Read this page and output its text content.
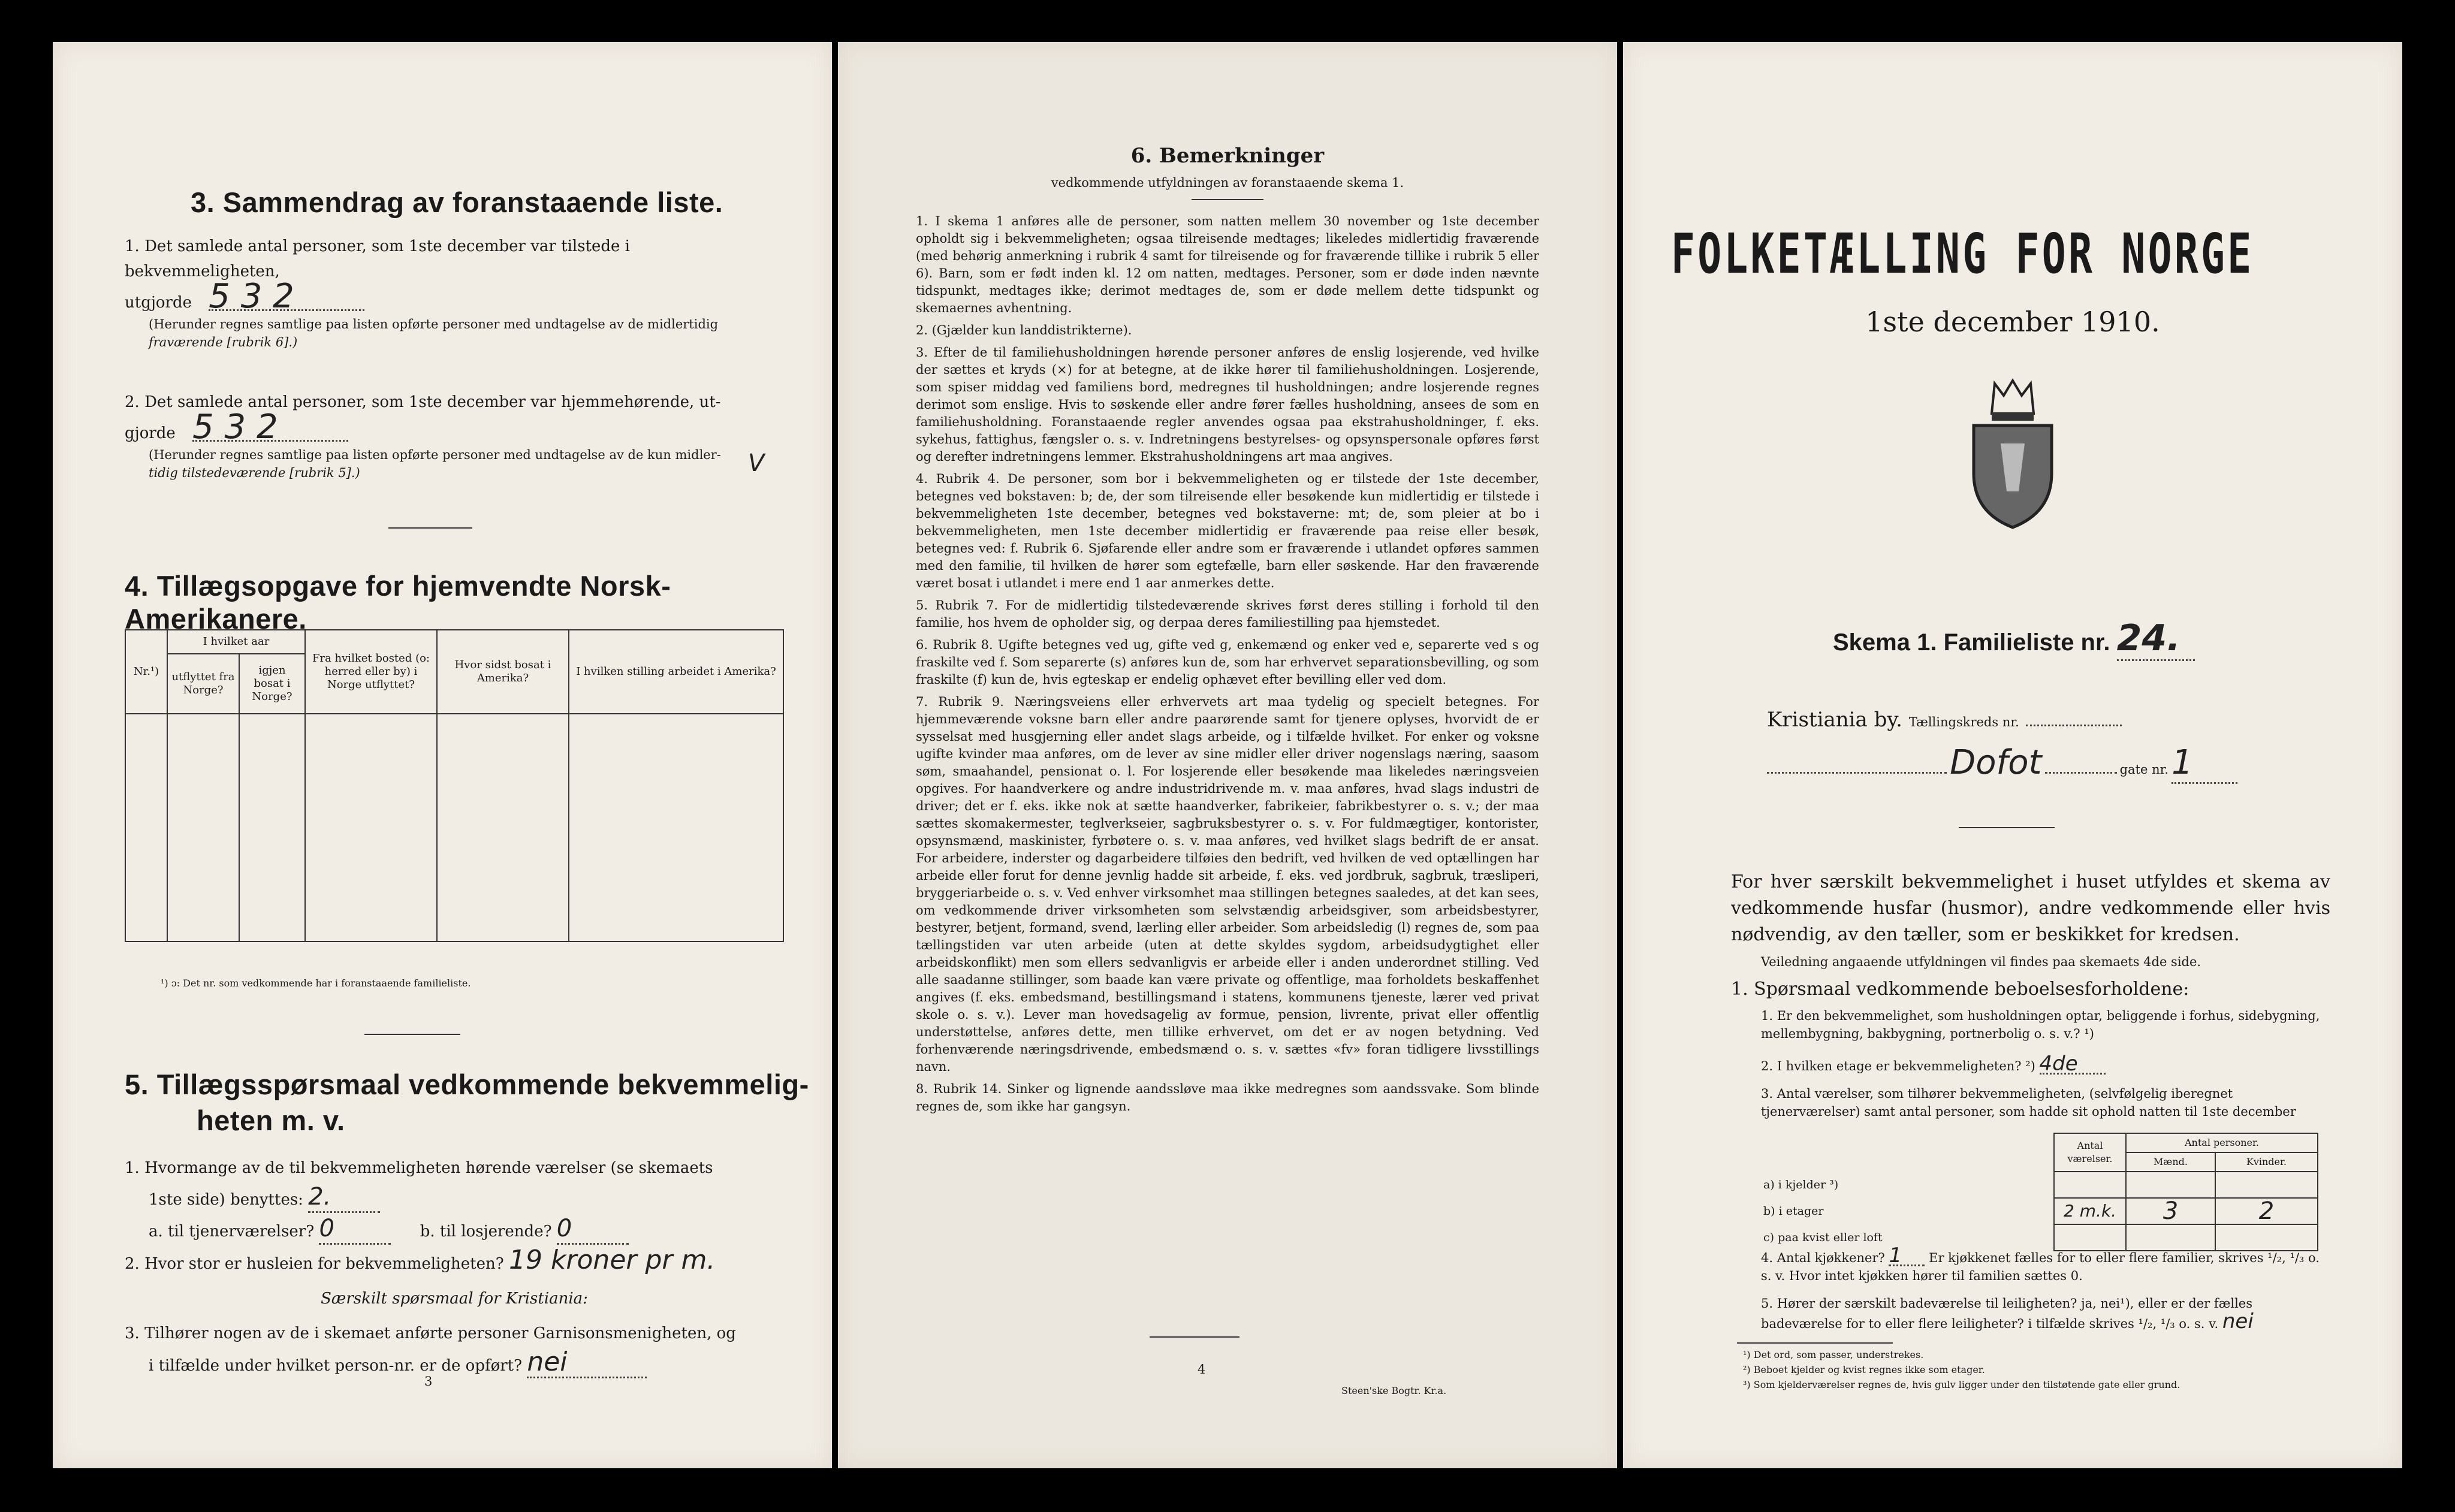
3. Sammendrag av foranstaaende liste.
1. Det samlede antal personer, som 1ste december var tilstede i bekvemmeligheten,
utgjorde 5 3 2
(Herunder regnes samtlige paa listen opførte personer med undtagelse av de midlertidig
fraværende [rubrik 6].)
2. Det samlede antal personer, som 1ste december var hjemmehørende, ut-
gjorde 5 3 2
(Herunder regnes samtlige paa listen opførte personer med undtagelse av de kun midler-
tidig tilstedeværende [rubrik 5].)	V
4. Tillægsopgave for hjemvendte Norsk-Amerikanere.
Nr.¹)	I hvilket aar		Fra hvilket bosted (o: herred eller by) i Norge utflyttet?	Hvor sidst bosat i Amerika?	I hvilken stilling arbeidet i Amerika?
	utflyttet fra Norge?	igjen bosat i Norge?			

¹) ɔ: Det nr. som vedkommende har i foranstaaende familieliste.
5. Tillægsspørsmaal vedkommende bekvemmelig-
heten m. v.
1. Hvormange av de til bekvemmeligheten hørende værelser (se skemaets
1ste side) benyttes: 2.
a. til tjenerværelser? 0	b. til losjerende? 0
2. Hvor stor er husleien for bekvemmeligheten? 19 kroner pr m.
Særskilt spørsmaal for Kristiania:
3. Tilhører nogen av de i skemaet anførte personer Garnisonsmenigheten, og
i tilfælde under hvilket person-nr. er de opført? nei
3
6. Bemerkninger
vedkommende utfyldningen av foranstaaende skema 1.
1. I skema 1 anføres alle de personer, som natten mellem 30 november og 1ste december opholdt sig i bekvemmeligheten; ogsaa tilreisende medtages; likeledes midlertidig fraværende (med behørig anmerkning i rubrik 4 samt for tilreisende og for fraværende tillike i rubrik 5 eller 6). Barn, som er født inden kl. 12 om natten, medtages. Personer, som er døde inden nævnte tidspunkt, medtages ikke; derimot medtages de, som er døde mellem dette tidspunkt og skemaernes avhentning.
2. (Gjælder kun landdistrikterne).
3. Efter de til familiehusholdningen hørende personer anføres de enslig losjerende, ved hvilke der sættes et kryds (×) for at betegne, at de ikke hører til familiehusholdningen. Losjerende, som spiser middag ved familiens bord, medregnes til husholdningen; andre losjerende regnes derimot som enslige. Hvis to søskende eller andre fører fælles husholdning, ansees de som en familiehusholdning. Foranstaaende regler anvendes ogsaa paa ekstrahusholdninger, f. eks. sykehus, fattighus, fængsler o. s. v. Indretningens bestyrelses- og opsynspersonale opføres først og derefter indretningens lemmer. Ekstrahusholdningens art maa angives.
4. Rubrik 4. De personer, som bor i bekvemmeligheten og er tilstede der 1ste december, betegnes ved bokstaven: b; de, der som tilreisende eller besøkende kun midlertidig er tilstede i bekvemmeligheten 1ste december, betegnes ved bokstaverne: mt; de, som pleier at bo i bekvemmeligheten, men 1ste december midlertidig er fraværende paa reise eller besøk, betegnes ved: f. Rubrik 6. Sjøfarende eller andre som er fraværende i utlandet opføres sammen med den familie, til hvilken de hører som egtefælle, barn eller søskende. Har den fraværende været bosat i utlandet i mere end 1 aar anmerkes dette.
5. Rubrik 7. For de midlertidig tilstedeværende skrives først deres stilling i forhold til den familie, hos hvem de opholder sig, og derpaa deres familiestilling paa hjemstedet.
6. Rubrik 8. Ugifte betegnes ved ug, gifte ved g, enkemænd og enker ved e, separerte ved s og fraskilte ved f. Som separerte (s) anføres kun de, som har erhvervet separationsbevilling, og som fraskilte (f) kun de, hvis egteskap er endelig ophævet efter bevilling eller ved dom.
7. Rubrik 9. Næringsveiens eller erhvervets art maa tydelig og specielt betegnes. For hjemmeværende voksne barn eller andre paarørende samt for tjenere oplyses, hvorvidt de er sysselsat med husgjerning eller andet slags arbeide, og i tilfælde hvilket. For enker og voksne ugifte kvinder maa anføres, om de lever av sine midler eller driver nogenslags næring, saasom søm, smaahandel, pensionat o. l. For losjerende eller besøkende maa likeledes næringsveien opgives. For haandverkere og andre industridrivende m. v. maa anføres, hvad slags industri de driver; det er f. eks. ikke nok at sætte haandverker, fabrikeier, fabrikbestyrer o. s. v.; der maa sættes skomakermester, teglverkseier, sagbruksbestyrer o. s. v. For fuldmægtiger, kontorister, opsynsmænd, maskinister, fyrbøtere o. s. v. maa anføres, ved hvilket slags bedrift de er ansat. For arbeidere, inderster og dagarbeidere tilføies den bedrift, ved hvilken de ved optællingen har arbeide eller forut for denne jevnlig hadde sit arbeide, f. eks. ved jordbruk, sagbruk, træsliperi, bryggeriarbeide o. s. v. Ved enhver virksomhet maa stillingen betegnes saaledes, at det kan sees, om vedkommende driver virksomheten som selvstændig arbeidsgiver, som arbeidsbestyrer, bestyrer, betjent, formand, svend, lærling eller arbeider. Som arbeidsledig (l) regnes de, som paa tællingstiden var uten arbeide (uten at dette skyldes sygdom, arbeidsudygtighet eller arbeidskonflikt) men som ellers sedvanligvis er arbeide eller i anden underordnet stilling. Ved alle saadanne stillinger, som baade kan være private og offentlige, maa forholdets beskaffenhet angives (f. eks. embedsmand, bestillingsmand i statens, kommunens tjeneste, lærer ved privat skole o. s. v.). Lever man hovedsagelig av formue, pension, livrente, privat eller offentlig understøttelse, anføres dette, men tillike erhvervet, om det er av nogen betydning. Ved forhenværende næringsdrivende, embedsmænd o. s. v. sættes «fv» foran tidligere livsstillings navn.
8. Rubrik 14. Sinker og lignende aandssløve maa ikke medregnes som aandssvake. Som blinde regnes de, som ikke har gangsyn.
4
Steen'ske Bogtr. Kr.a.
FOLKETÆLLING FOR NORGE
1ste december 1910.
Skema 1. Familieliste nr. 24.
Kristiania by. Tællingskreds nr.
Dofot	gate nr. 1
For hver særskilt bekvemmelighet i huset utfyldes et skema av vedkommende husfar (husmor), andre vedkommende eller hvis nødvendig, av den tæller, som er beskikket for kredsen.
Veiledning angaaende utfyldningen vil findes paa skemaets 4de side.
1. Spørsmaal vedkommende beboelsesforholdene:
1. Er den bekvemmelighet, som husholdningen optar, beliggende i forhus, sidebygning, mellembygning, bakbygning, portnerbolig o. s. v.? ¹)
2. I hvilken etage er bekvemmeligheten? ²) 4de
3. Antal værelser, som tilhører bekvemmeligheten, (selvfølgelig iberegnet tjenerværelser) samt antal personer, som hadde sit ophold natten til 1ste december
	Antal værelser.	Antal personer.	
		Mænd.	Kvinder.
a) i kjelder ³)			
b) i etager	2 m.k.	3	2
c) paa kvist eller loft			
4. Antal kjøkkener? 1 Er kjøkkenet fælles for to eller flere familier, skrives ¹/₂, ¹/₃ o. s. v. Hvor intet kjøkken hører til familien sættes 0.
5. Hører der særskilt badeværelse til leiligheten? ja, nei¹), eller er der fælles badeværelse for to eller flere leiligheter? i tilfælde skrives ¹/₂, ¹/₃ o. s. v. nei
¹) Det ord, som passer, understrekes.
²) Beboet kjelder og kvist regnes ikke som etager.
³) Som kjelderværelser regnes de, hvis gulv ligger under den tilstøtende gate eller grund.
